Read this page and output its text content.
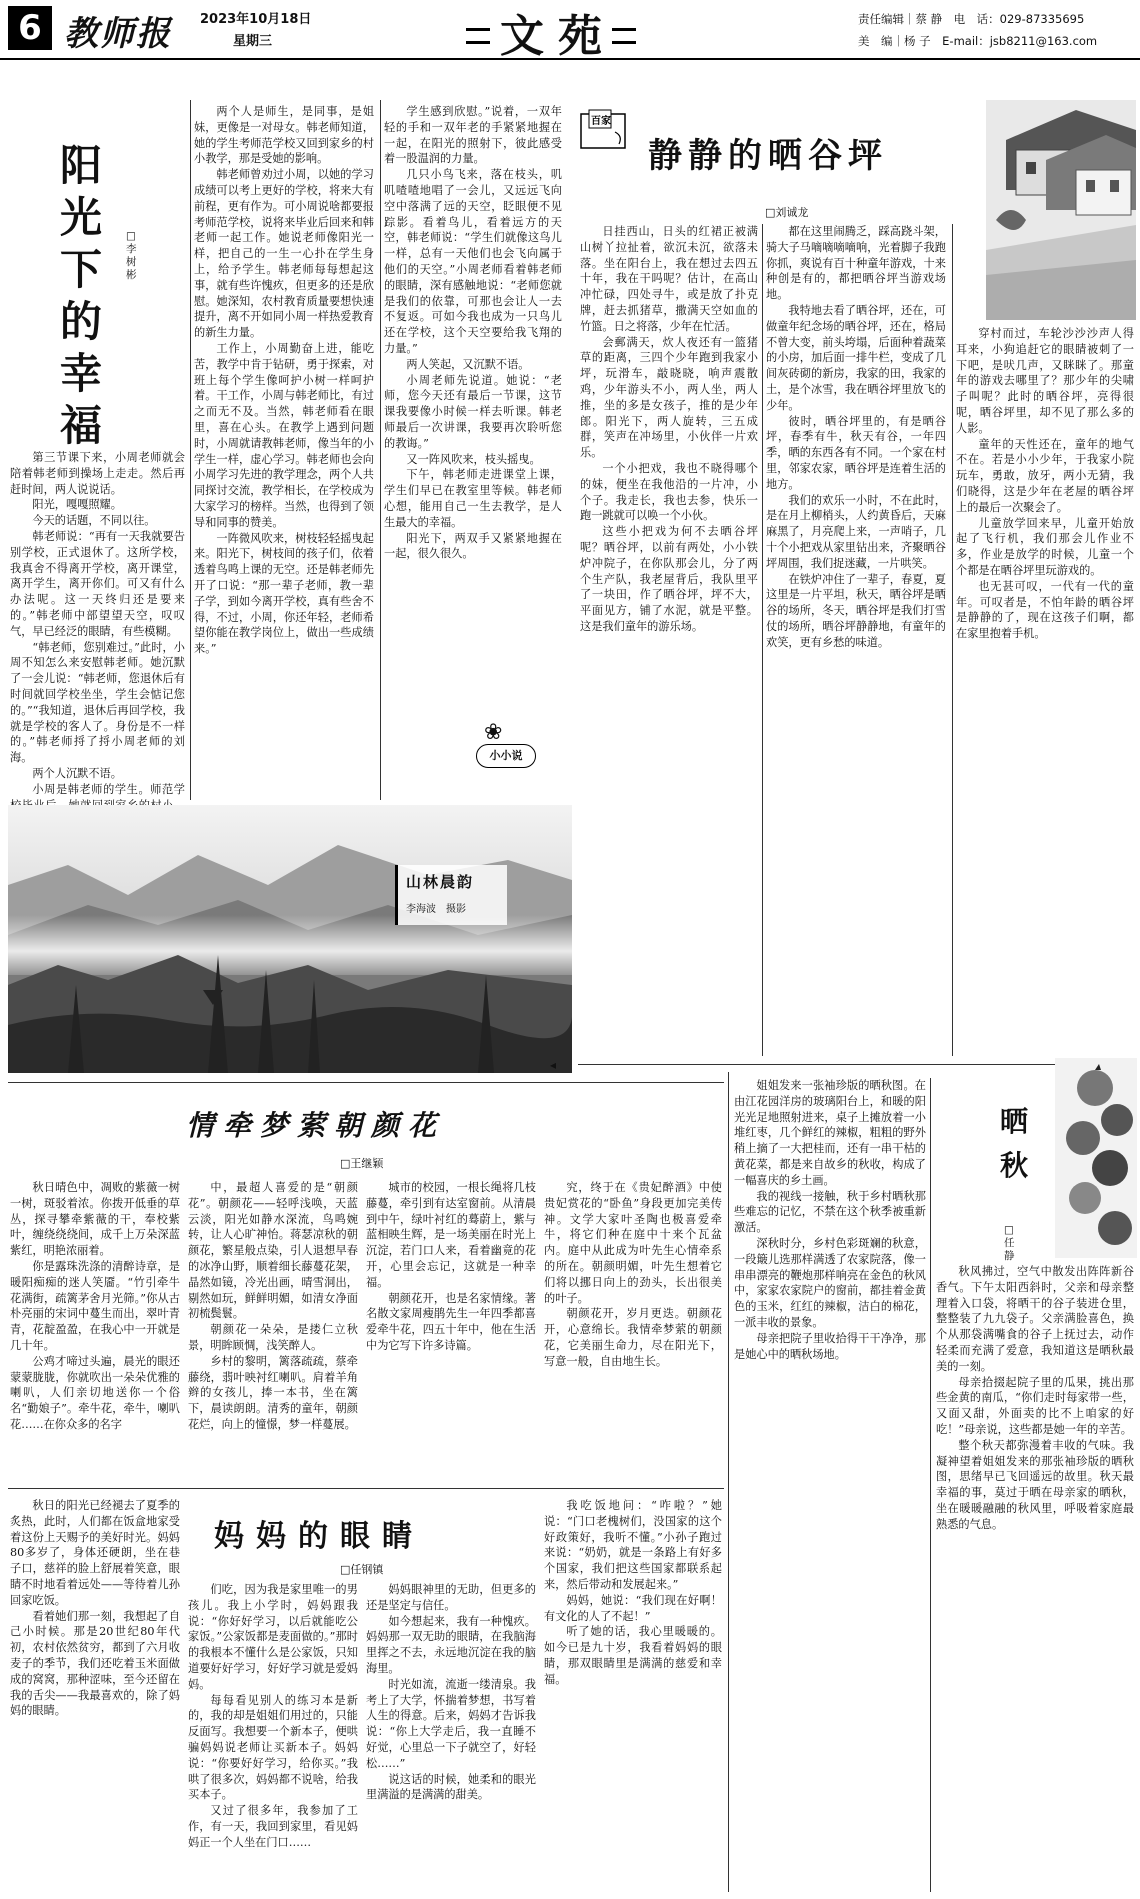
6 教师报 2023年10月18日
星期三	文苑	责任编辑｜蔡 静　电　话：029-87335695
美　编｜杨 子　E-mail：jsb8211@163.com
阳光下的幸福
□李树彬

第三节课下来，小周老师就会陪着韩老师到操场上走走。然后再赶时间，两人说说话。

阳光，嘎嘎照耀。

今天的话题，不同以往。

韩老师说：“再有一天我就要告别学校，正式退休了。这所学校，我真舍不得离开学校，离开课堂，离开学生，离开你们。可又有什么办法呢。这一天终归还是要来的。”韩老师中部望望天空，叹叹气，早已经泛的眼睛，有些模糊。

“韩老师，您别难过。”此时，小周不知怎么来安慰韩老师。她沉默了一会儿说：“韩老师，您退休后有时间就回学校坐坐，学生会惦记您的。”“我知道，退休后再回学校，我就是学校的客人了。身份是不一样的。”韩老师捋了捋小周老师的刘海。

两个人沉默不语。

小周是韩老师的学生。师范学

两个人是师生，是同事，是姐妹，更像是一对母女。韩老师知道，她的学生考师范学校又回到家乡的村小教学，那是受她的影响。

韩老师曾劝过小周，以她的学习成绩可以考上更好的学校，将来大有前程，更有作为。可小周说啥都要报考师范学校，说将来毕业后回来和韩老师一起工作。她说老师像阳光一样，把自己的一生一心扑在学生身上，给予学生。韩老师每每想起这事，就有些许愧疚，但更多的还是欣慰。她深知，农村教育质量要想快速提升，离不开如同小周一样热爱教育的新生力量。

工作上，小周勤奋上进，能吃苦，教学中肯于钻研，勇于探索，对班上每个学生像呵护小树一样呵护着。干工作，小周与韩老师比，有过之而无不及。当然，韩老师看在眼里，喜在心头。在教学上遇到问题时，小周就请教韩老师，像当年的小学生一样，虚心学习。韩老师也会向小周学习先进的教学理念，两个人共同探讨交流，教学相长，在学校成为大家学习的榜样。当然，也得到了领导和同事的赞美。

一阵微风吹来，树枝轻轻摇曳起来。阳光下，树枝间的孩子们，依着透着鸟鸣上课的无空。还是韩老师先开了口说：“那一辈子老师，教一辈子学，到如今离开学校，真有些舍不得，不过，小周，你还年轻，老师希望你能在教学岗位上，做出一些成绩来。”

学生感到欣慰。”说着，一双年轻的手和一双年老的手紧紧地握在一起，在阳光的照射下，彼此感受着一股温润的力量。

几只小鸟飞来，落在枝头，叽叽喳喳地唱了一会儿，又远远飞向空中落满了远的天空，眨眼便不见踪影。看着鸟儿，看着远方的天空，韩老师说：“学生们就像这鸟儿一样，总有一天他们也会飞向属于他们的天空。”小周老师看着韩老师的眼睛，深有感触地说：“老师您就是我们的依靠，可那也会让人一去不复返。可如今我也成为一只鸟儿还在学校，这个天空要给我飞翔的力量。”

两人笑起，又沉默不语。

小周老师先说道。她说：“老师，您今天还有最后一节课，这节课我要像小时候一样去听课。韩老师最后一次讲课，我要再次聆听您的教诲。”

又一阵风吹来，枝头摇曳。

下午，韩老师走进课堂上课，学生们早已在教室里等候。韩老师心想，能用自己一生去教学，是人生最大的幸福。

阳光下，两双手又紧紧地握在一起，很久很久。

❀
小小说
山林晨韵
李海波　摄影
百家
静静的晒谷坪
□刘诚龙

日挂西山，日头的红裙正被满山树丫拉扯着，欲沉未沉，欲落未落。坐在阳台上，我在想过去四五十年，我在干吗呢？估计，在高山冲忙碌，四处寻牛，或是放了扑克牌，赶去抓猪草，撒满天空如血的竹篮。日之将落，少年在忙活。

会郵满天，炊人夜还有一篮猪草的距离，三四个少年跑到我家小坪，玩滑车，敲晓晓，响声震散鸡，少年游头不小，两人坐，两人推，坐的多是女孩子，推的是少年郎。阳光下，两人旋转，三五成群，笑声在冲场里，小伙伴一片欢乐。

一个小把戏，我也不晓得哪个的妹，便坐在我他沿的一片冲，小个子。我走长，我也去参，快乐一跑一跳就可以唤一个小伙。

这些小把戏为何不去晒谷坪呢？晒谷坪，以前有两处，小小铁炉冲院子，在你队那会儿，分了两个生产队，我老屋背后，我队里平了一块田，作了晒谷坪，坪不大，平面见方，铺了水泥，就是平整。这是我们童年的游乐场。

都在这里闹腾乏，踩高跷斗架，骑大子马嘀嘀嘀嘀响，光着脚子我跑你抓，爽说有百十种童年游戏，十来种创是有的，都把晒谷坪当游戏场地。

我特地去看了晒谷坪，还在，可做童年纪念场的晒谷坪，还在，格局不曾大变，前头垮塌，后面种着蔬菜的小房，加后面一排牛栏，变成了几间灰砖砌的新房，我家的田，我家的土，是个冰雪，我在晒谷坪里放飞的少年。

彼时，晒谷坪里的，有是晒谷坪，春季有牛，秋天有谷，一年四季，晒的东西各有不同。一个家在村里，邻家农家，晒谷坪是连着生活的地方。

我们的欢乐一小时，不在此时，是在月上柳梢头，人约黄昏后，天麻麻黑了，月亮爬上来，一声哨子，几十个小把戏从家里钻出来，齐聚晒谷坪周围，我们捉迷藏，一片哄笑。

在铁炉冲住了一辈子，春夏，夏这里是一片平坦，秋天，晒谷坪是晒谷的场所，冬天，晒谷坪是我们打雪仗的场所，晒谷坪静静地，有童年的欢笑，更有乡愁的味道。

穿村而过，车轮沙沙沙声人得耳来，小狗追赶它的眼睛被刺了一下吧，是吠几声，又眯眯了。那童年的游戏去哪里了？那少年的尖啸子叫呢？此时的晒谷坪，亮得很呢，晒谷坪里，却不见了那么多的人影。

童年的天性还在，童年的地气不在。若是小小少年，于我家小院玩车，勇敢，放牙，两小无猜，我们晓得，这是少年在老屋的晒谷坪上的最后一次聚会了。

儿童放学回来早，儿童开始放起了飞行机，我们那会儿作业不多，作业是放学的时候，儿童一个个都是在晒谷坪里玩游戏的。

也无甚可叹，一代有一代的童年。可叹者是，不怕年龄的晒谷坪是静静的了，现在这孩子们啊，都在家里抱着手机。

◂
情牵梦萦朝颜花
□王继颖

秋日晴色中，凋败的紫薇一树一树，斑驳着浓。你拨开低垂的草丛，探寻攀牵紫薇的干，奉校紫叶，缠绕绕绕间，成千上万朵深蓝紫红，明艳浓丽着。

你是露珠洗涤的清醉诗章，是暖阳痴痴的迷人笑靥。“竹引牵牛花满街，疏篱茅舍月光筛。”你从古朴亮丽的宋词中蔓生而出，翠叶青青，花靛盈盈，在我心中一开就是几十年。

公鸡才啼过头遍，晨光的眼还蒙蒙胧胧，你就吹出一朵朵优雅的喇叭，人们亲切地送你一个俗名“勤娘子”。牵牛花，牵牛，喇叭花……在你众多的名字

中，最超人喜爱的是“朝颜花”。朝颜花——轻呼浅唤，天蓝云淡，阳光如静水深流，鸟鸣婉转，让人心旷神怡。蒋瑟凉秋的朝颜花，繁星般点染，引人退想早春的冰净山野，顺着细长藤蔓花架，晶然如镜，冷光出画，晴雪洞出，剔然如玩，鲜鲜明媚，如清女净面初梳鬓鬟。

朝颜花一朵朵，是搂仁立秋景，明眸顾惆，浅笑醉人。

乡村的黎明，篱落疏疏，蔡牵藤绕，翡叶映衬红喇叭。肩着羊角辫的女孩儿，捧一本书，坐在篱下，晨读朗朗。清秀的童年，朝颜花烂，向上的憧憬，梦一样蔓展。

城市的校园，一根长绳将几枝藤蔓，牵引到有达室窗前。从清晨到中午，绿叶衬红的蓦蔚上，紫与蓝相映生辉，是一场美丽在时光上沉淀，若门口人来，看着幽竟的花开，心里会忘记，这就是一种幸福。

朝颜花开，也是名家情缘。著名散文家周瘦鹃先生一年四季都喜爱牵牛花，四五十年中，他在生活中为它写下许多诗篇。

究，终于在《贵妃醉酒》中使贵妃赏花的“卧鱼”身段更加完美传神。文学大家叶圣陶也极喜爱牵牛，将它们种在庭中十来个瓦盆内。庭中从此成为叶先生心情牵系的所在。朝颜明媚，叶先生想着它们将以挪日向上的劲头，长出很美的叶子。

朝颜花开，岁月更迭。朝颜花开，心意绵长。我情牵梦萦的朝颜花，它美丽生命力，尽在阳光下，写意一般，自由地生长。

妈妈的眼睛
□任钢镇

秋日的阳光已经褪去了夏季的炙热，此时，人们都在饭盒地家受着这份上天赐予的美好时光。妈妈80多岁了，身体还硬朗，坐在巷子口，慈祥的脸上舒展着笑意，眼睛不时地看着远处——等待着儿孙回家吃饭。

看着她们那一刻，我想起了自己小时候。那是20世纪80年代初，农村依然贫穷，都到了六月收麦子的季节，我们还吃着玉米面做成的窝窝，那种涩味，至今还留在我的舌尖——我最喜欢的，除了妈妈的眼睛。

们吃，因为我是家里唯一的男孩儿。我上小学时，妈妈跟我说：“你好好学习，以后就能吃公家饭。”公家饭都是麦面做的。”那时的我根本不懂什么是公家饭，只知道要好好学习，好好学习就是爱妈妈。

每每看见别人的练习本是新的，我的却是姐姐们用过的，只能反面写。我想要一个新本子，便哄骗妈妈说老师让买新本子。妈妈说：“你要好好学习，给你买。”我哄了很多次，妈妈都不说啥，给我买本子。

又过了很多年，我参加了工作，有一天，我回到家里，看见妈妈正一个人坐在门口……

妈妈眼神里的无助，但更多的还是坚定与信任。

如今想起来，我有一种愧疚。妈妈那一双无助的眼睛，在我脑海里挥之不去，永远地沉淀在我的脑海里。

时光如流，流逝一缕清泉。我考上了大学，怀揣着梦想，书写着人生的得意。后来，妈妈才告诉我说：“你上大学走后，我一直睡不好觉，心里总一下子就空了，好轻松……”

说这话的时候，她柔和的眼光里满溢的是满满的甜美。

我吃饭地问：“咋啦？”她说：“门口老槐树们，没国家的这个好政策好，我听不懂。”小孙子跑过来说：“奶奶，就是一条路上有好多个国家，我们把这些国家都联系起来，然后带动和发展起来。”

妈妈，她说：“我们现在好啊！有文化的人了不起！”

听了她的话，我心里暖暖的。如今已是九十岁，我看着妈妈的眼睛，那双眼睛里是满满的慈爱和幸福。

晒秋
□任静

姐姐发来一张袖珍版的晒秋图。在由江花园洋房的玻璃阳台上，和暖的阳光光足地照射进来，桌子上摊放着一小堆红枣，几个鲜红的辣椒，粗粗的野外稍上摘了一大把桂而，还有一串干枯的黄花菜，都是来自故乡的秋收，构成了一幅喜庆的乡土画。

我的视线一接触，秋于乡村晒秋那些难忘的记忆，不禁在这个秋季被重新激活。

深秋时分，乡村色彩斑斓的秋意，一段簸儿选那样满透了农家院落，像一串串漂亮的鞭炮那样响亮在金色的秋风中，家家农家院户的窗前，都挂着金黄色的玉米，红红的辣椒，洁白的棉花，一派丰收的景象。

母亲把院子里收拾得干干净净，那是她心中的晒秋场地。

秋风拂过，空气中散发出阵阵新谷香气。下午太阳西斜时，父亲和母亲整理着入口袋，将晒干的谷子装进仓里，整整装了九九袋子。父亲满脸喜色，换个从那袋满嘴食的谷子上抚过去，动作轻柔而充满了爱意，我知道这是晒秋最美的一刻。

母亲拾掇起院子里的瓜果，挑出那些金黄的南瓜，“你们走时每家带一些，又面又甜，外面卖的比不上咱家的好吃！”母亲说，这些都是她一年的辛苦。

整个秋天都弥漫着丰收的气味。我凝神望着姐姐发来的那张袖珍版的晒秋图，思绪早已飞回遥远的故里。秋天最幸福的事，莫过于晒在母亲家的晒秋，坐在暖暖融融的秋风里，呼吸着家庭最熟悉的气息。
